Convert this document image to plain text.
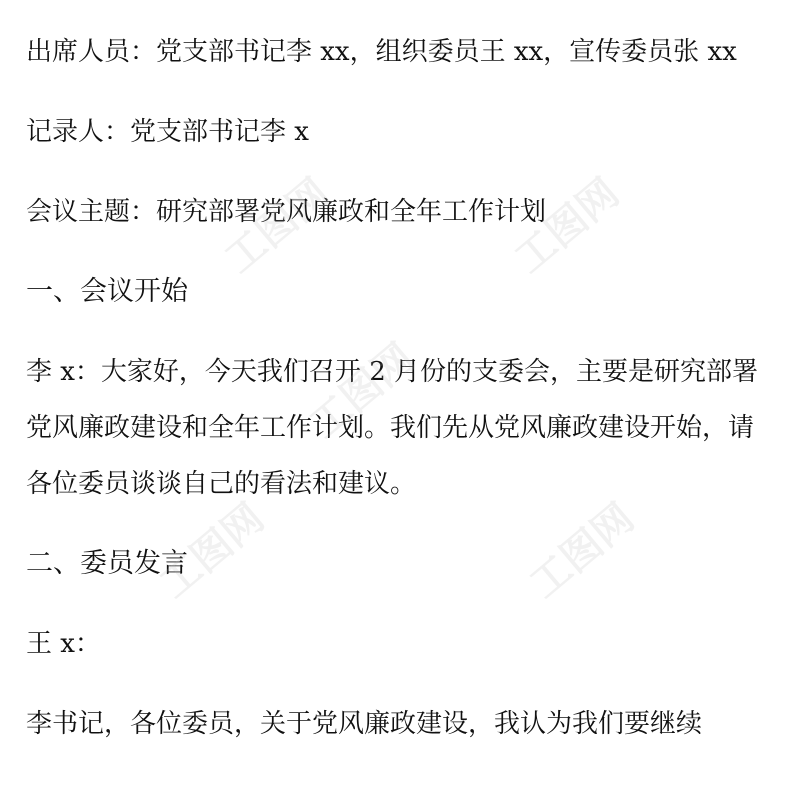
出席人员：党支部书记李 xx，组织委员王 xx，宣传委员张 xx

记录人：党支部书记李 x

会议主题：研究部署党风廉政和全年工作计划

一、会议开始

李 x：大家好，今天我们召开 2 月份的支委会，主要是研究部署党风廉政建设和全年工作计划。我们先从党风廉政建设开始，请各位委员谈谈自己的看法和建议。

二、委员发言

王 x：

李书记，各位委员，关于党风廉政建设，我认为我们要继续

工图网	工图网
工图网
工图网	工图网
